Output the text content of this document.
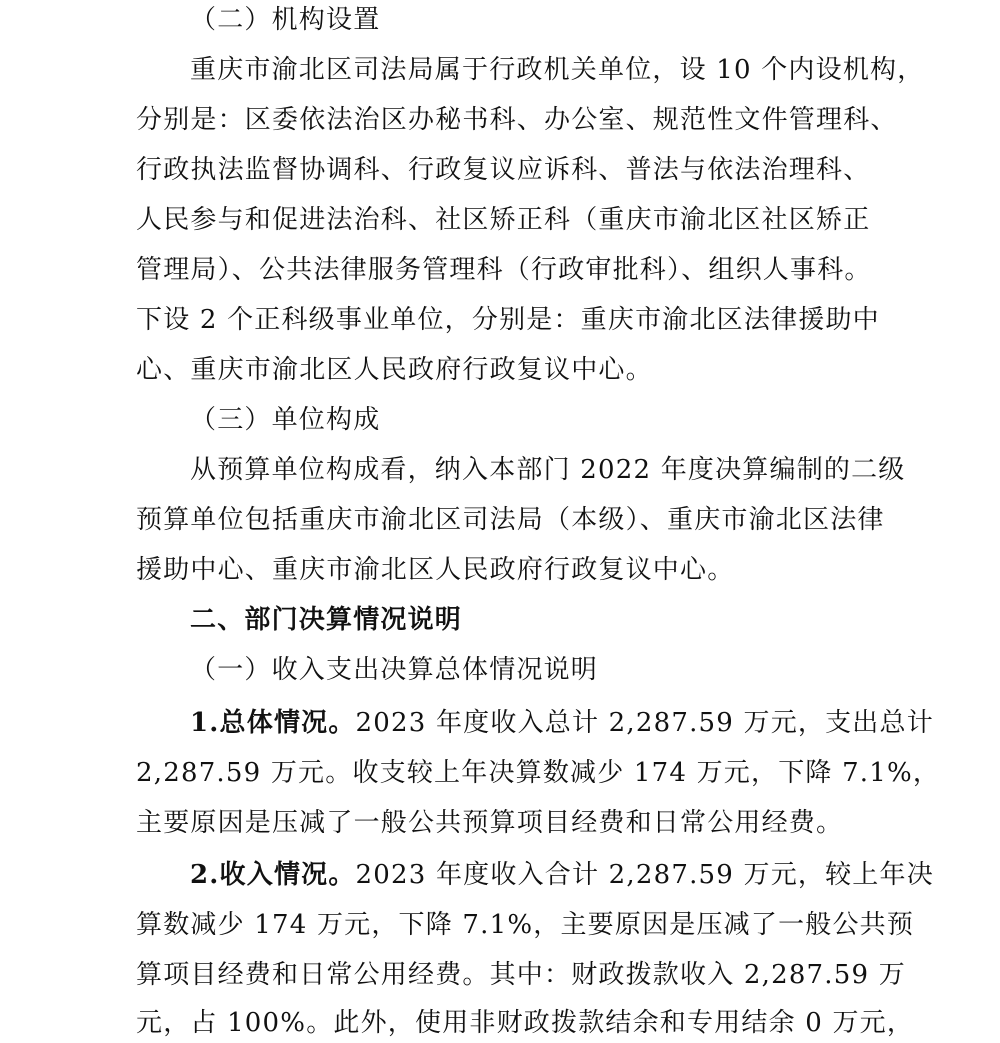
（二）机构设置
重庆市渝北区司法局属于行政机关单位，设 10 个内设机构，
分别是：区委依法治区办秘书科、办公室、规范性文件管理科、
行政执法监督协调科、行政复议应诉科、普法与依法治理科、
人民参与和促进法治科、社区矫正科（重庆市渝北区社区矫正
管理局）、公共法律服务管理科（行政审批科）、组织人事科。
下设 2 个正科级事业单位，分别是：重庆市渝北区法律援助中
心、重庆市渝北区人民政府行政复议中心。
（三）单位构成
从预算单位构成看，纳入本部门 2022 年度决算编制的二级
预算单位包括重庆市渝北区司法局（本级）、重庆市渝北区法律
援助中心、重庆市渝北区人民政府行政复议中心。
二、部门决算情况说明
（一）收入支出决算总体情况说明
1.总体情况。2023 年度收入总计 2,287.59 万元，支出总计
2,287.59 万元。收支较上年决算数减少 174 万元，下降 7.1%，
主要原因是压减了一般公共预算项目经费和日常公用经费。
2.收入情况。2023 年度收入合计 2,287.59 万元，较上年决
算数减少 174 万元，下降 7.1%，主要原因是压减了一般公共预
算项目经费和日常公用经费。其中：财政拨款收入 2,287.59 万
元，占 100%。此外，使用非财政拨款结余和专用结余 0 万元，
